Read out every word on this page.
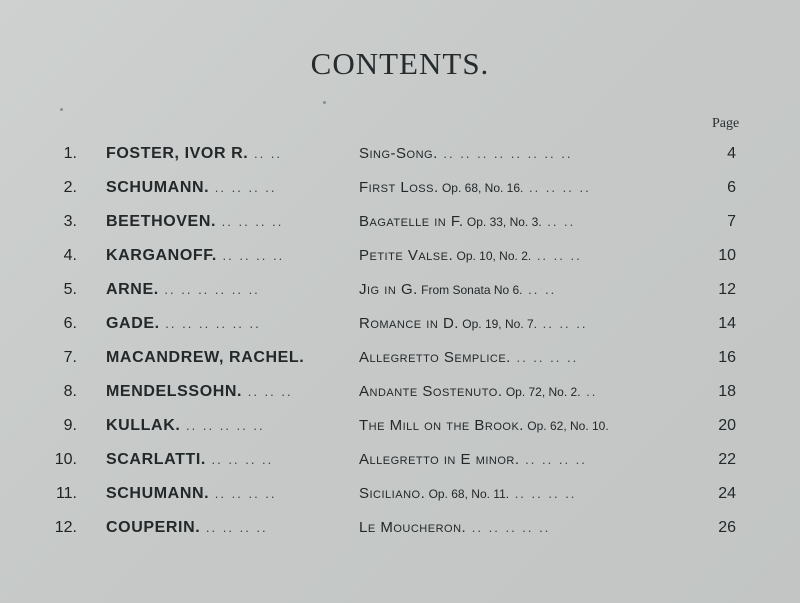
CONTENTS.
Page
1. FOSTER, IVOR R. .. ..	Sing-Song. .. .. .. .. .. .. .. ..	4
2. SCHUMANN. .. .. .. ..	First Loss. Op. 68, No. 16. .. .. .. ..	6
3. BEETHOVEN. .. .. .. ..	Bagatelle in F. Op. 33, No. 3. .. ..	7
4. KARGANOFF. .. .. .. ..	Petite Valse. Op. 10, No. 2. .. .. ..	10
5. ARNE. .. .. .. .. .. ..	Jig in G. From Sonata No 6. .. ..	12
6. GADE. .. .. .. .. .. ..	Romance in D. Op. 19, No. 7. .. .. ..	14
7. MACANDREW, RACHEL.	Allegretto Semplice. .. .. .. ..	16
8. MENDELSSOHN. .. .. ..	Andante Sostenuto. Op. 72, No. 2. ..	18
9. KULLAK. .. .. .. .. ..	The Mill on the Brook. Op. 62, No. 10.	20
10. SCARLATTI. .. .. .. ..	Allegretto in E minor. .. .. .. ..	22
11. SCHUMANN. .. .. .. ..	Siciliano. Op. 68, No. 11. .. .. .. ..	24
12. COUPERIN. .. .. .. ..	Le Moucheron. .. .. .. .. ..	26
